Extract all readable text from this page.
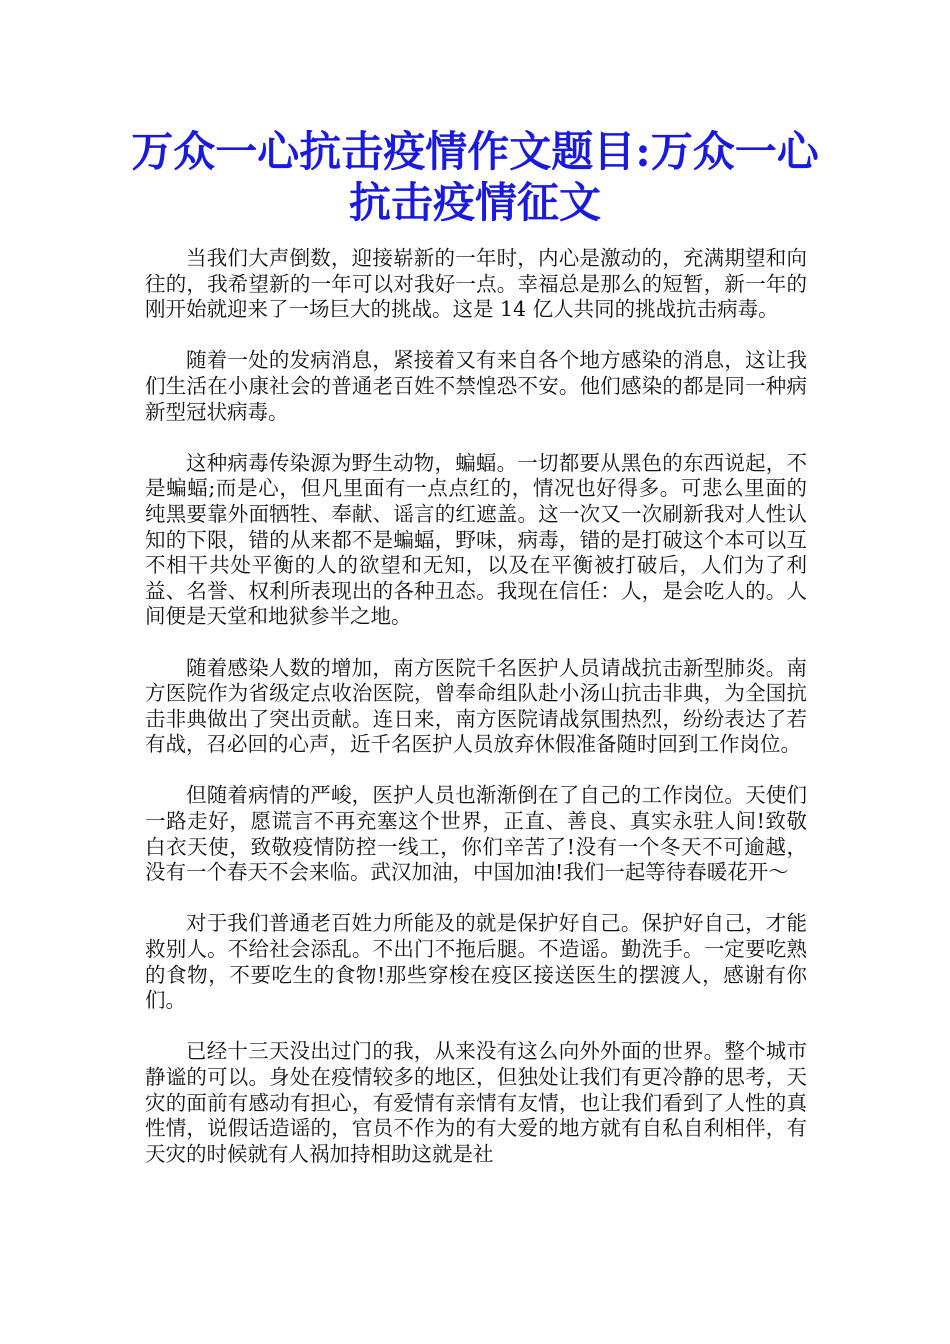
万众一心抗击疫情作文题目:万众一心抗击疫情征文

当我们大声倒数，迎接崭新的一年时，内心是激动的，充满期望和向往的，我希望新的一年可以对我好一点。幸福总是那么的短暂，新一年的刚开始就迎来了一场巨大的挑战。这是 14 亿人共同的挑战抗击病毒。

随着一处的发病消息，紧接着又有来自各个地方感染的消息，这让我们生活在小康社会的普通老百姓不禁惶恐不安。他们感染的都是同一种病新型冠状病毒。

这种病毒传染源为野生动物，蝙蝠。一切都要从黑色的东西说起，不是蝙蝠;而是心，但凡里面有一点点红的，情况也好得多。可悲么里面的纯黑要靠外面牺牲、奉献、谣言的红遮盖。这一次又一次刷新我对人性认知的下限，错的从来都不是蝙蝠，野味，病毒，错的是打破这个本可以互不相干共处平衡的人的欲望和无知，以及在平衡被打破后，人们为了利益、名誉、权利所表现出的各种丑态。我现在信任：人，是会吃人的。人间便是天堂和地狱参半之地。

随着感染人数的增加，南方医院千名医护人员请战抗击新型肺炎。南方医院作为省级定点收治医院，曾奉命组队赴小汤山抗击非典，为全国抗击非典做出了突出贡献。连日来，南方医院请战氛围热烈，纷纷表达了若有战，召必回的心声，近千名医护人员放弃休假准备随时回到工作岗位。

但随着病情的严峻，医护人员也渐渐倒在了自己的工作岗位。天使们一路走好，愿谎言不再充塞这个世界，正直、善良、真实永驻人间!致敬白衣天使，致敬疫情防控一线工，你们辛苦了!没有一个冬天不可逾越，没有一个春天不会来临。武汉加油，中国加油!我们一起等待春暖花开～

对于我们普通老百姓力所能及的就是保护好自己。保护好自己，才能救别人。不给社会添乱。不出门不拖后腿。不造谣。勤洗手。一定要吃熟的食物，不要吃生的食物!那些穿梭在疫区接送医生的摆渡人，感谢有你们。

已经十三天没出过门的我，从来没有这么向外外面的世界。整个城市静谧的可以。身处在疫情较多的地区，但独处让我们有更冷静的思考，天灾的面前有感动有担心，有爱情有亲情有友情，也让我们看到了人性的真性情，说假话造谣的，官员不作为的有大爱的地方就有自私自利相伴，有天灾的时候就有人祸加持相助这就是社
